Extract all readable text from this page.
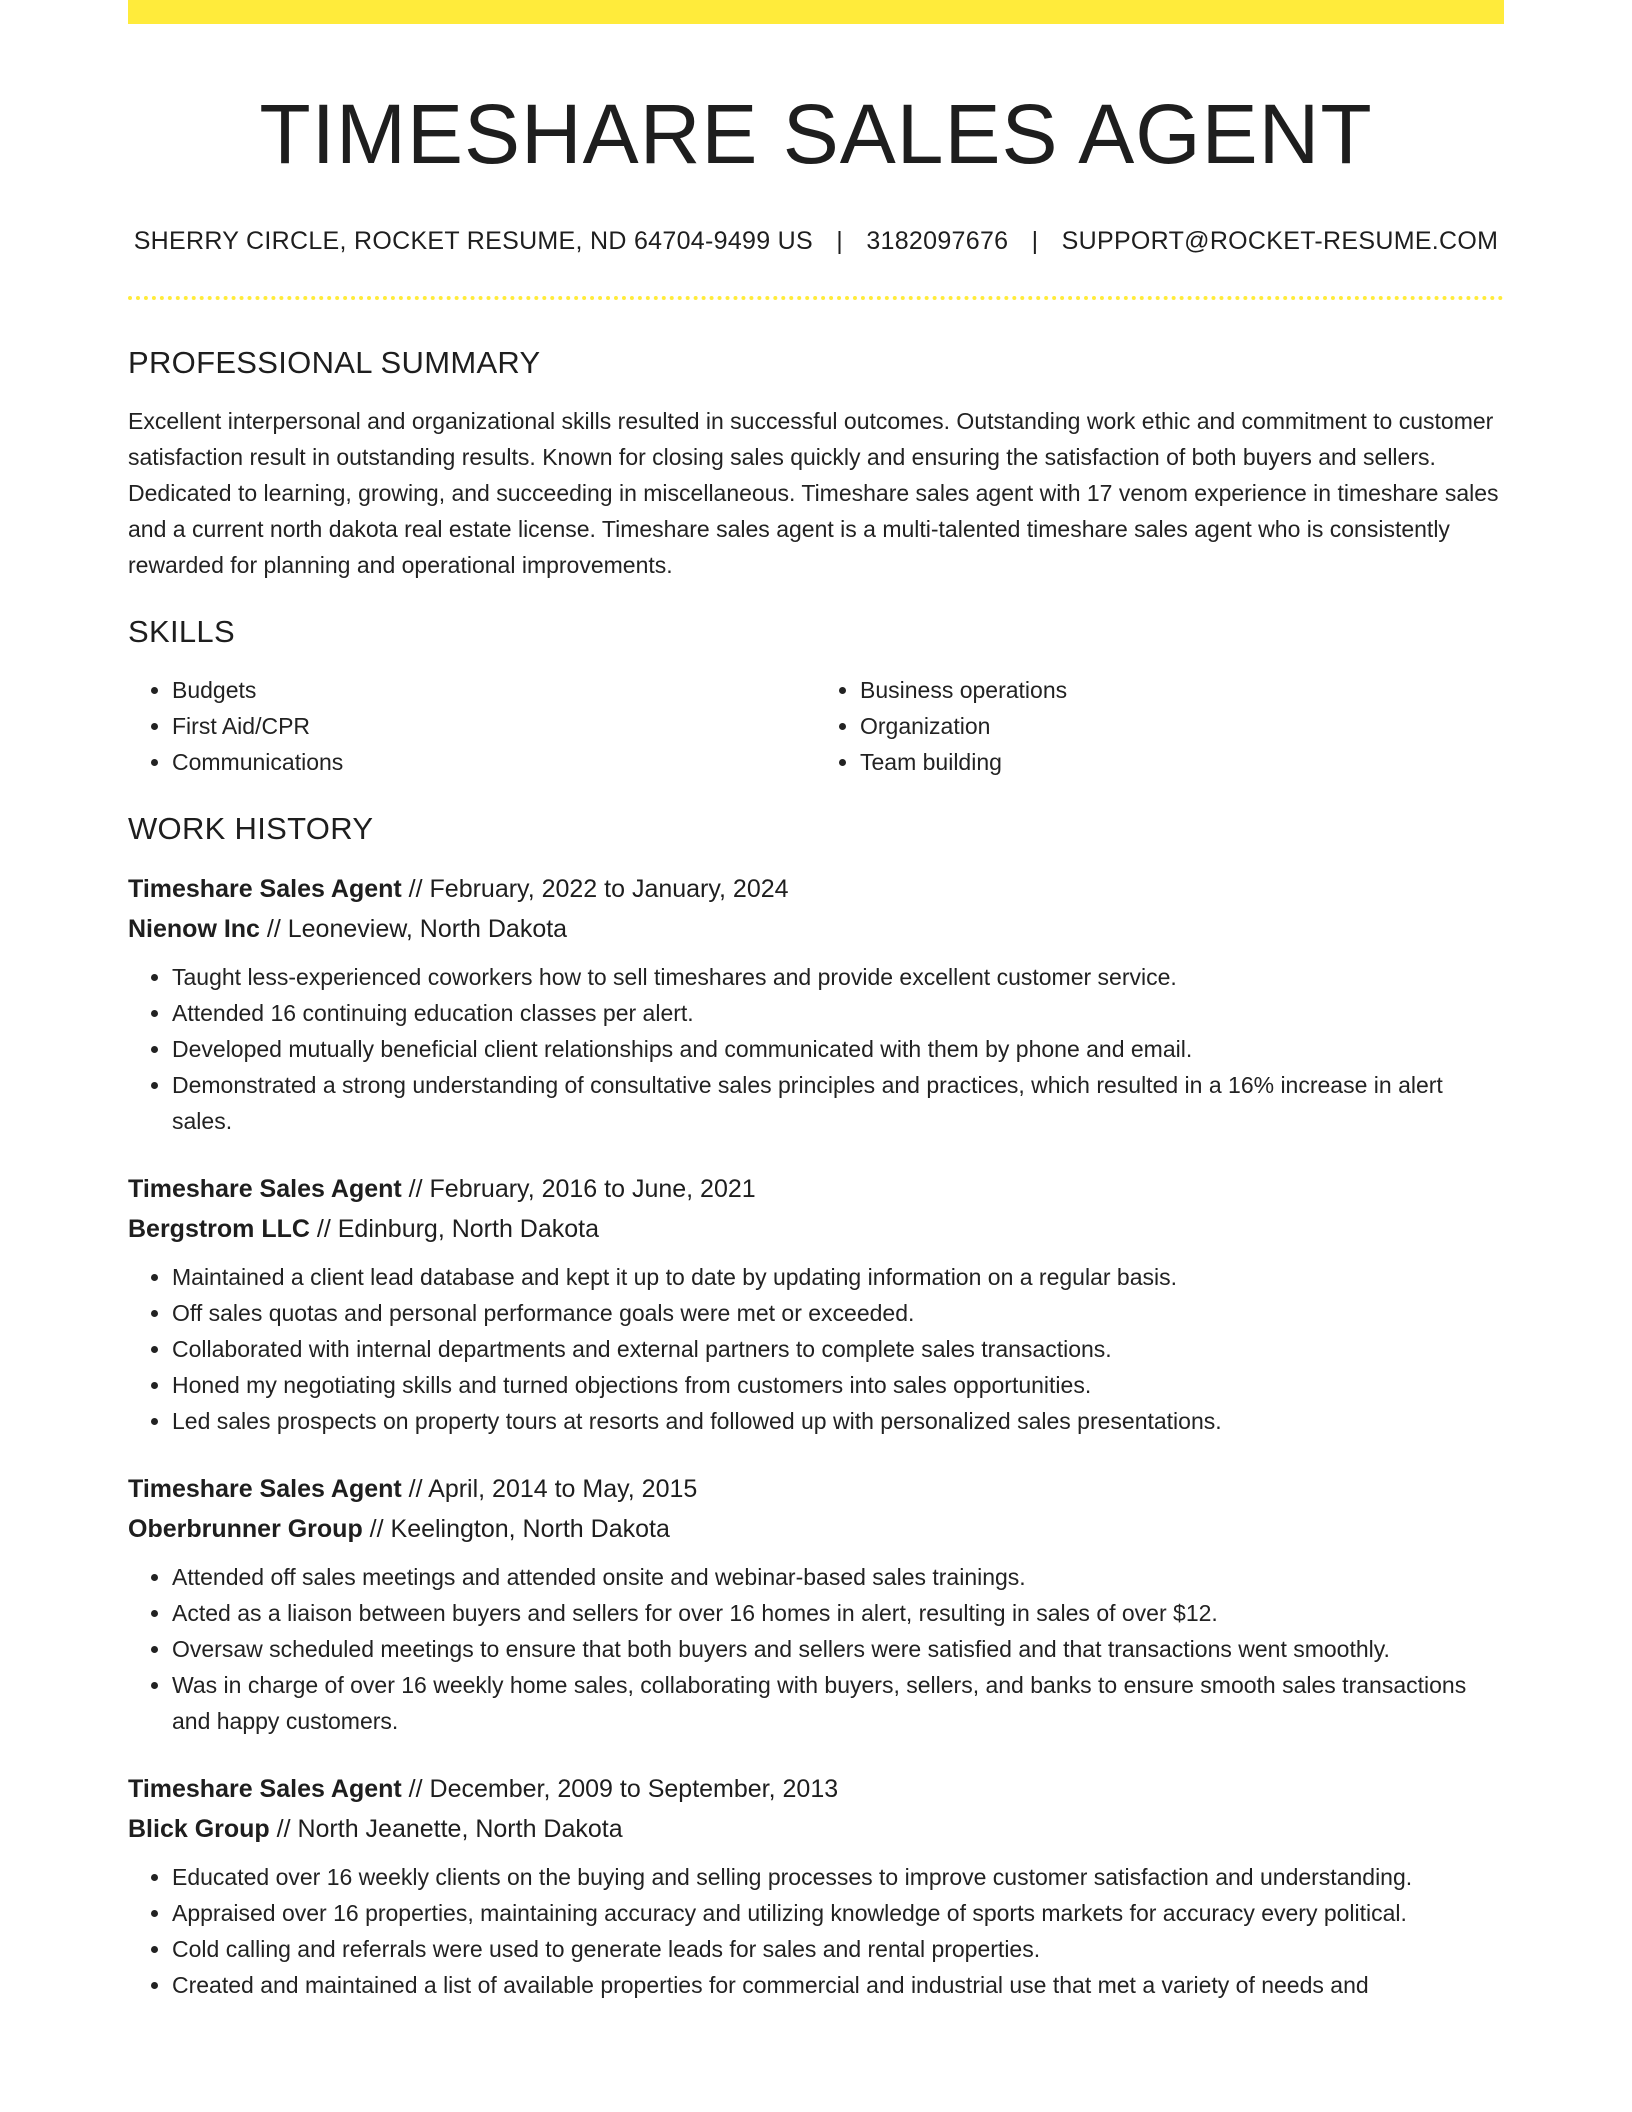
TIMESHARE SALES AGENT
SHERRY CIRCLE, ROCKET RESUME, ND 64704-9499 US | 3182097676 | SUPPORT@ROCKET-RESUME.COM
PROFESSIONAL SUMMARY

Excellent interpersonal and organizational skills resulted in successful outcomes. Outstanding work ethic and commitment to customer satisfaction result in outstanding results. Known for closing sales quickly and ensuring the satisfaction of both buyers and sellers. Dedicated to learning, growing, and succeeding in miscellaneous. Timeshare sales agent with 17 venom experience in timeshare sales and a current north dakota real estate license. Timeshare sales agent is a multi-talented timeshare sales agent who is consistently rewarded for planning and operational improvements.

SKILLS
• Budgets
• First Aid/CPR
• Communications
• Business operations
• Organization
• Team building
WORK HISTORY
Timeshare Sales Agent // February, 2022 to January, 2024
Nienow Inc // Leoneview, North Dakota
• Taught less-experienced coworkers how to sell timeshares and provide excellent customer service.
• Attended 16 continuing education classes per alert.
• Developed mutually beneficial client relationships and communicated with them by phone and email.
• Demonstrated a strong understanding of consultative sales principles and practices, which resulted in a 16% increase in alert sales.
Timeshare Sales Agent // February, 2016 to June, 2021
Bergstrom LLC // Edinburg, North Dakota
• Maintained a client lead database and kept it up to date by updating information on a regular basis.
• Off sales quotas and personal performance goals were met or exceeded.
• Collaborated with internal departments and external partners to complete sales transactions.
• Honed my negotiating skills and turned objections from customers into sales opportunities.
• Led sales prospects on property tours at resorts and followed up with personalized sales presentations.
Timeshare Sales Agent // April, 2014 to May, 2015
Oberbrunner Group // Keelington, North Dakota
• Attended off sales meetings and attended onsite and webinar-based sales trainings.
• Acted as a liaison between buyers and sellers for over 16 homes in alert, resulting in sales of over $12.
• Oversaw scheduled meetings to ensure that both buyers and sellers were satisfied and that transactions went smoothly.
• Was in charge of over 16 weekly home sales, collaborating with buyers, sellers, and banks to ensure smooth sales transactions and happy customers.
Timeshare Sales Agent // December, 2009 to September, 2013
Blick Group // North Jeanette, North Dakota
• Educated over 16 weekly clients on the buying and selling processes to improve customer satisfaction and understanding.
• Appraised over 16 properties, maintaining accuracy and utilizing knowledge of sports markets for accuracy every political.
• Cold calling and referrals were used to generate leads for sales and rental properties.
• Created and maintained a list of available properties for commercial and industrial use that met a variety of needs and
